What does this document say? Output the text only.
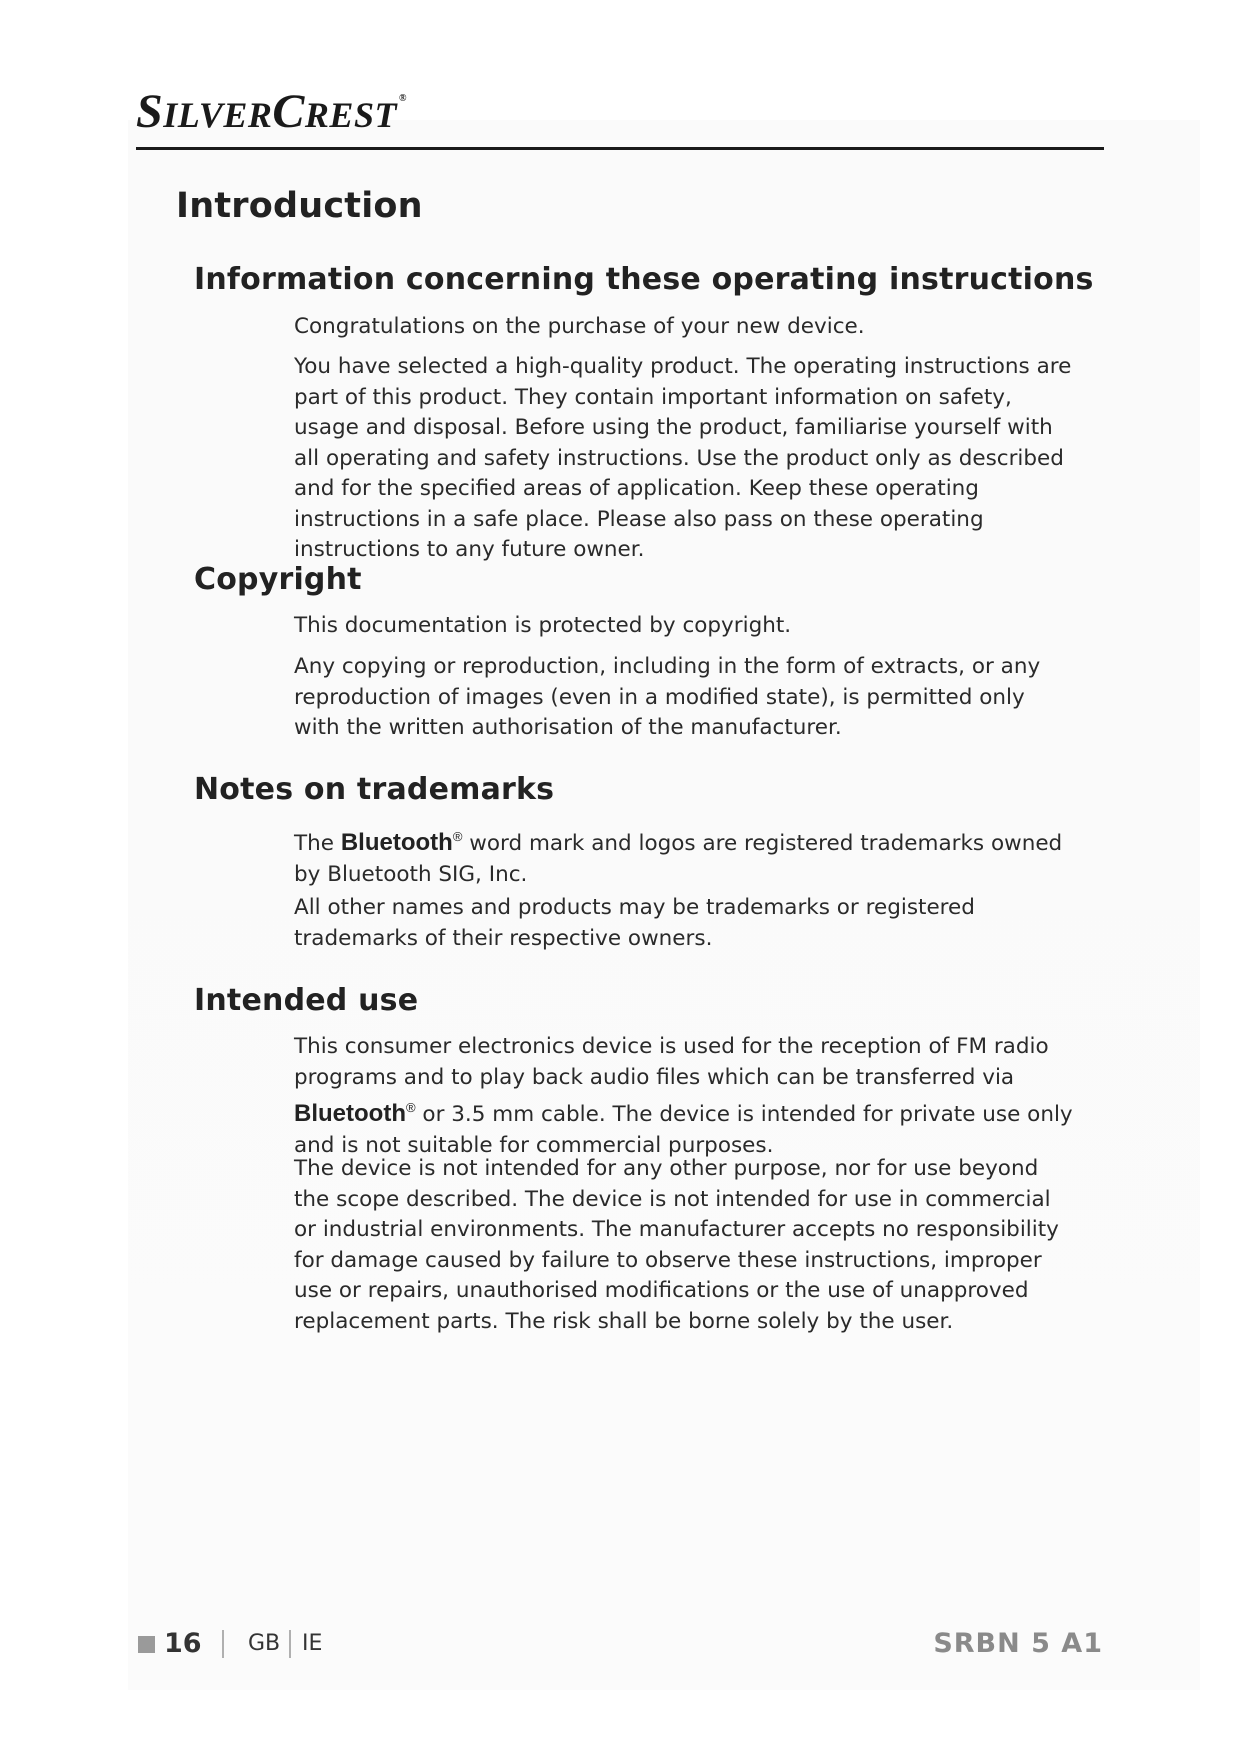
SILVERCREST ®
Introduction
Information concerning these operating instructions

Congratulations on the purchase of your new device.

You have selected a high-quality product. The operating instructions are part of this product. They contain important information on safety, usage and disposal. Before using the product, familiarise yourself with all operating and safety instructions. Use the product only as described and for the specified areas of application. Keep these operating instructions in a safe place. Please also pass on these operating instructions to any future owner.

Copyright

This documentation is protected by copyright.

Any copying or reproduction, including in the form of extracts, or any reproduction of images (even in a modified state), is permitted only with the written authorisation of the manufacturer.

Notes on trademarks

The Bluetooth® word mark and logos are registered trademarks owned by Bluetooth SIG, Inc.

All other names and products may be trademarks or registered trademarks of their respective owners.

Intended use

This consumer electronics device is used for the reception of FM radio programs and to play back audio files which can be transferred via Bluetooth® or 3.5 mm cable. The device is intended for private use only and is not suitable for commercial purposes.

The device is not intended for any other purpose, nor for use beyond the scope described. The device is not intended for use in commercial or industrial environments. The manufacturer accepts no responsibility for damage caused by failure to observe these instructions, improper use or repairs, unauthorised modifications or the use of unapproved replacement parts. The risk shall be borne solely by the user.

16 GB IE	SRBN 5 A1
